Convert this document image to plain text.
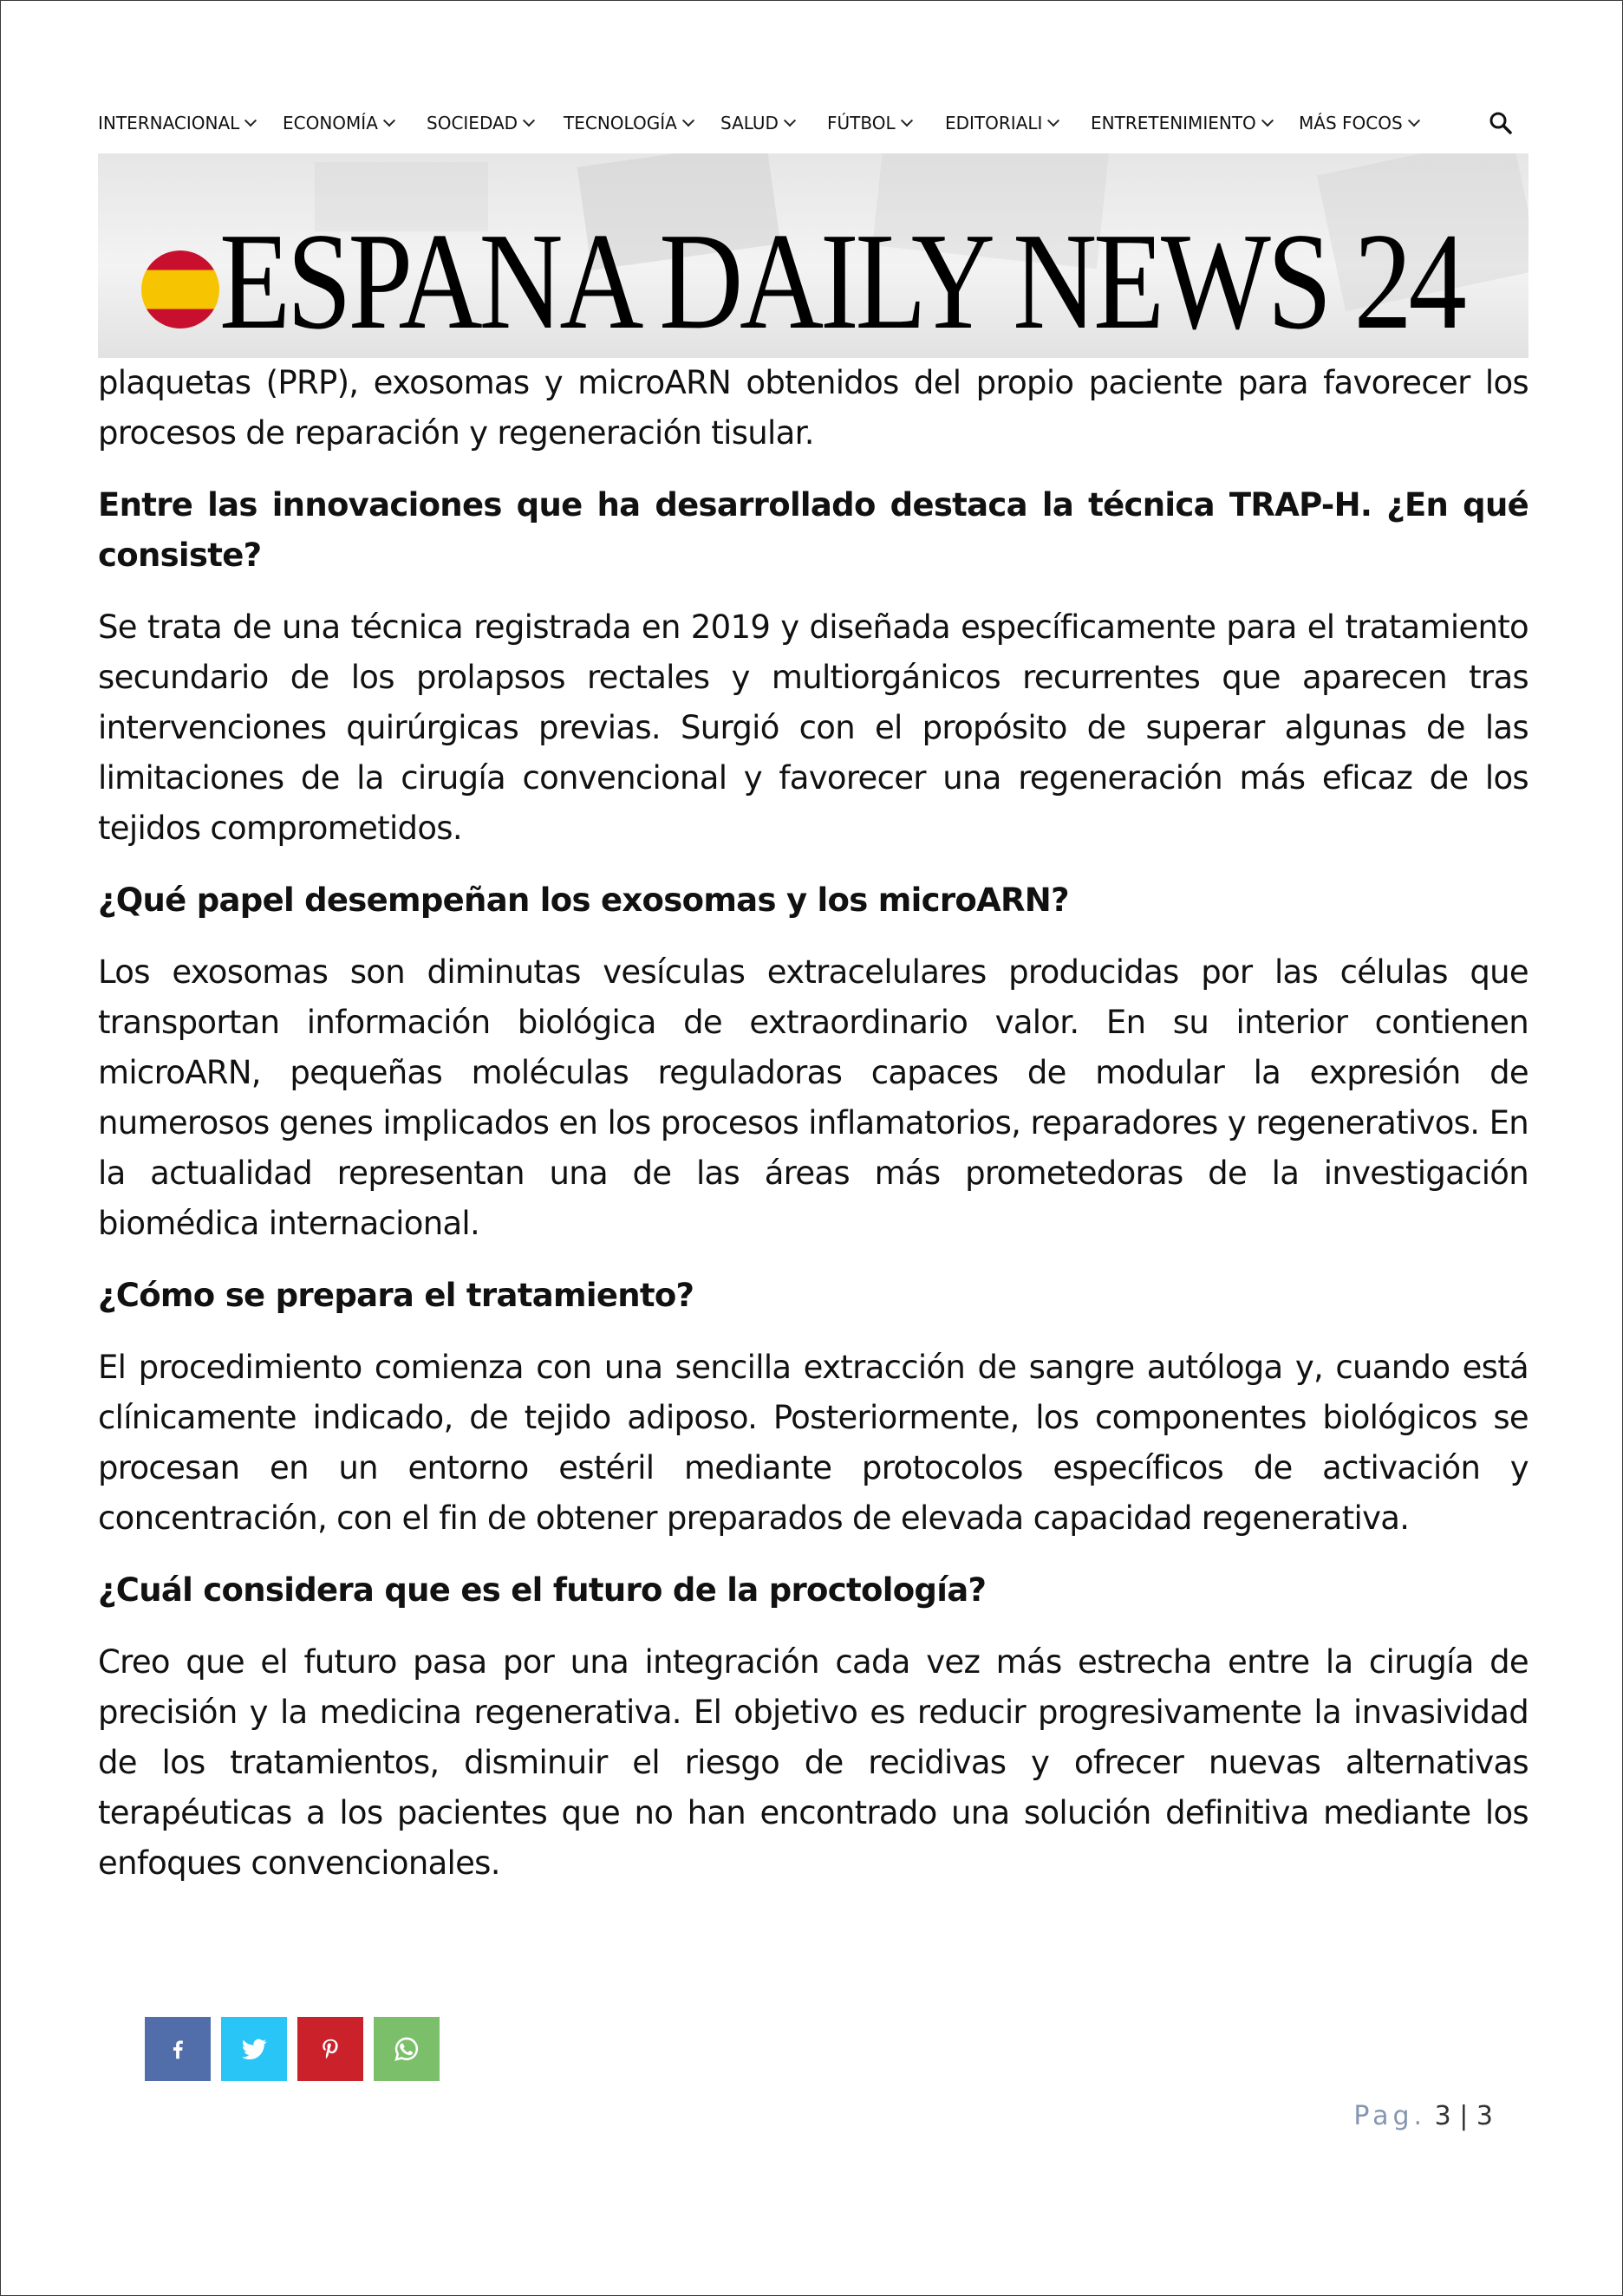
INTERNACIONAL ECONOMÍA	SOCIEDAD	TECNOLOGÍA	SALUD	FÚTBOL	EDITORIALI	ENTRETENIMIENTO MÁS FOCOS
ESPANA DAILY NEWS 24

plaquetas (PRP), exosomas y microARN obtenidos del propio paciente para favorecer los procesos de reparación y regeneración tisular.

Entre las innovaciones que ha desarrollado destaca la técnica TRAP-H. ¿En qué consiste?

Se trata de una técnica registrada en 2019 y diseñada específicamente para el tratamiento secundario de los prolapsos rectales y multiorgánicos recurrentes que aparecen tras intervenciones quirúrgicas previas. Surgió con el propósito de superar algunas de las limitaciones de la cirugía convencional y favorecer una regeneración más eficaz de los tejidos comprometidos.

¿Qué papel desempeñan los exosomas y los microARN?

Los exosomas son diminutas vesículas extracelulares producidas por las células que transportan información biológica de extraordinario valor. En su interior contienen microARN, pequeñas moléculas reguladoras capaces de modular la expresión de numerosos genes implicados en los procesos inflamatorios, reparadores y regenerativos. En la actualidad representan una de las áreas más prometedoras de la investigación biomédica internacional.

¿Cómo se prepara el tratamiento?

El procedimiento comienza con una sencilla extracción de sangre autóloga y, cuando está clínicamente indicado, de tejido adiposo. Posteriormente, los componentes biológicos se procesan en un entorno estéril mediante protocolos específicos de activación y concentración, con el fin de obtener preparados de elevada capacidad regenerativa.

¿Cuál considera que es el futuro de la proctología?

Creo que el futuro pasa por una integración cada vez más estrecha entre la cirugía de precisión y la medicina regenerativa. El objetivo es reducir progresivamente la invasividad de los tratamientos, disminuir el riesgo de recidivas y ofrecer nuevas alternativas terapéuticas a los pacientes que no han encontrado una solución definitiva mediante los enfoques convencionales.

Pag. 3 | 3
